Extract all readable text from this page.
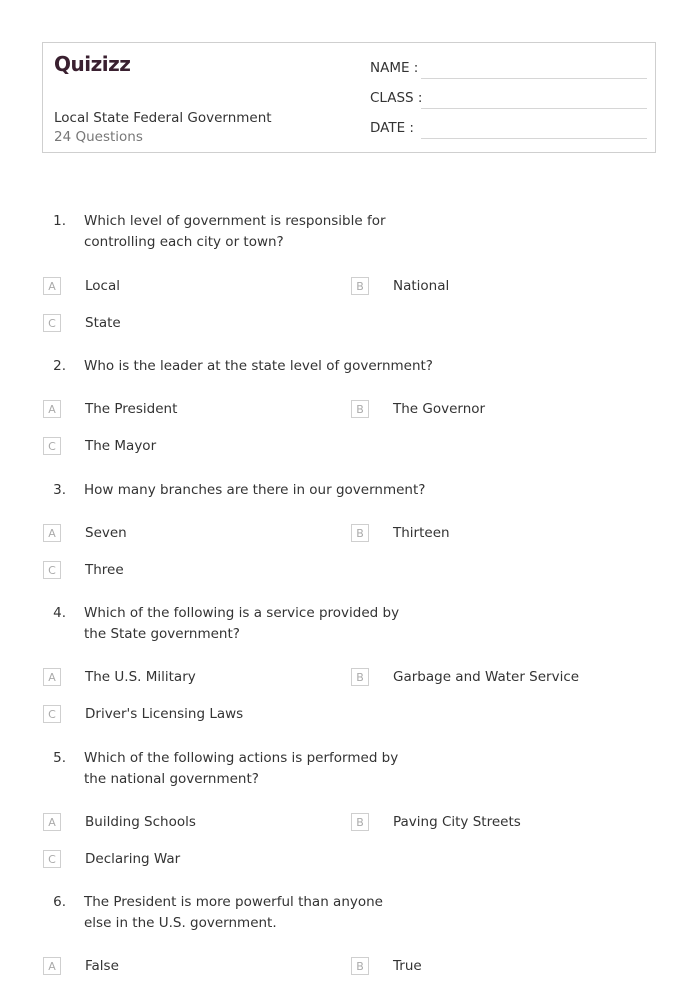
Quizizz
Local State Federal Government
24 Questions
NAME :
CLASS :
DATE :
1. Which level of government is responsible for controlling each city or town?
A	Local	B	National
C	State
2. Who is the leader at the state level of government?
A	The President	B	The Governor
C	The Mayor
3. How many branches are there in our government?
A	Seven	B	Thirteen
C	Three
4. Which of the following is a service provided by the State government?
A	The U.S. Military	B	Garbage and Water Service
C	Driver's Licensing Laws
5. Which of the following actions is performed by the national government?
A	Building Schools	B	Paving City Streets
C	Declaring War
6. The President is more powerful than anyone else in the U.S. government.
A	False	B	True
